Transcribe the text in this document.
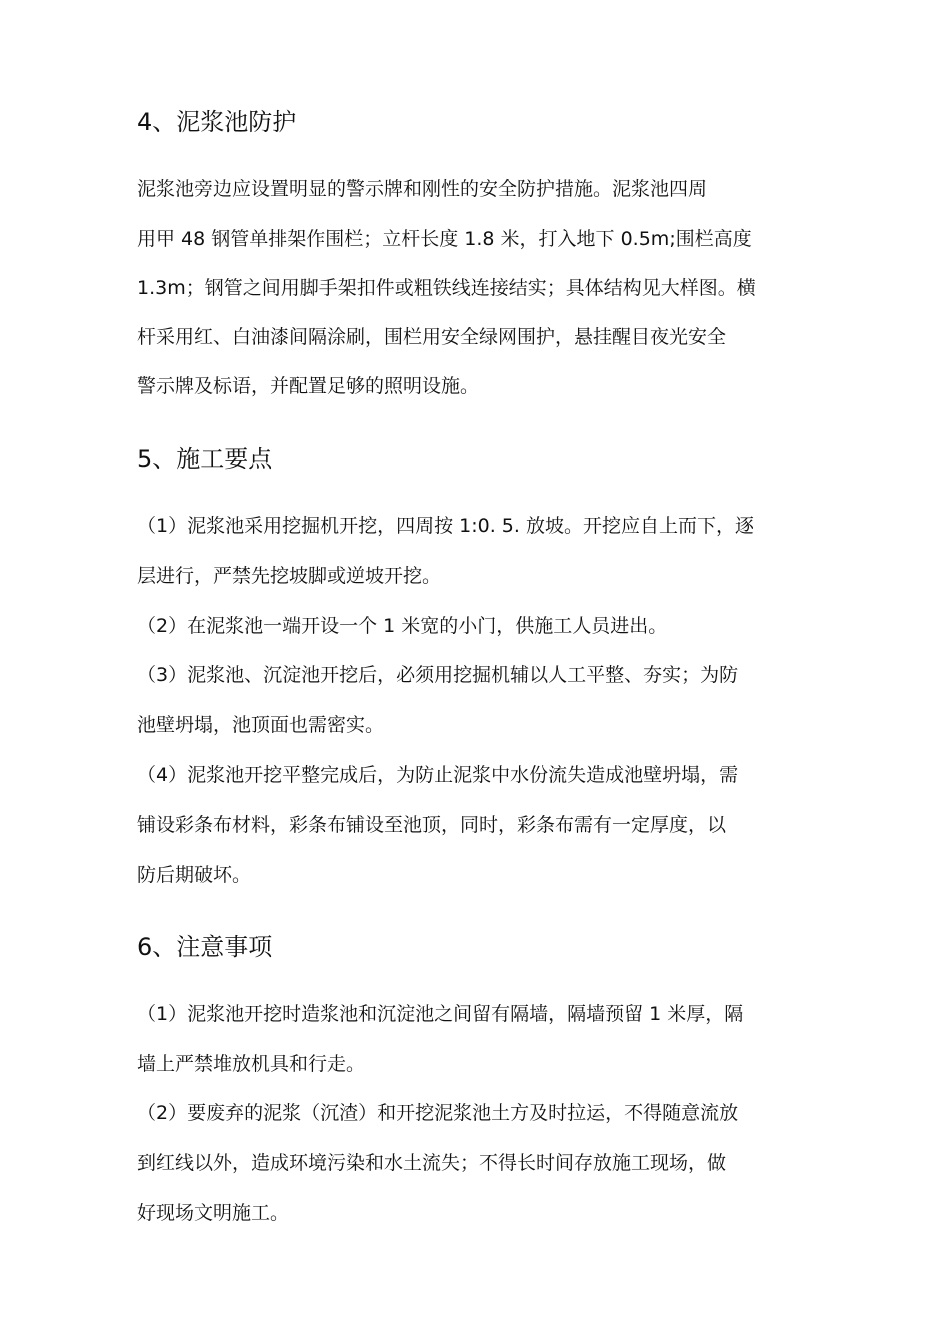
4、泥浆池防护
泥浆池旁边应设置明显的警示牌和刚性的安全防护措施。泥浆池四周
用甲 48 钢管单排架作围栏；立杆长度 1.8 米，打入地下 0.5m;围栏高度
1.3m；钢管之间用脚手架扣件或粗铁线连接结实；具体结构见大样图。横
杆采用红、白油漆间隔涂刷，围栏用安全绿网围护，悬挂醒目夜光安全
警示牌及标语，并配置足够的照明设施。
5、施工要点
（1）泥浆池采用挖掘机开挖，四周按 1:0. 5. 放坡。开挖应自上而下，逐
层进行，严禁先挖坡脚或逆坡开挖。
（2）在泥浆池一端开设一个 1 米宽的小门，供施工人员进出。
（3）泥浆池、沉淀池开挖后，必须用挖掘机辅以人工平整、夯实；为防
池壁坍塌，池顶面也需密实。
（4）泥浆池开挖平整完成后，为防止泥浆中水份流失造成池壁坍塌，需
铺设彩条布材料，彩条布铺设至池顶，同时，彩条布需有一定厚度，以
防后期破坏。
6、注意事项
（1）泥浆池开挖时造浆池和沉淀池之间留有隔墙，隔墙预留 1 米厚，隔
墙上严禁堆放机具和行走。
（2）要废弃的泥浆（沉渣）和开挖泥浆池土方及时拉运，不得随意流放
到红线以外，造成环境污染和水土流失；不得长时间存放施工现场，做
好现场文明施工。
